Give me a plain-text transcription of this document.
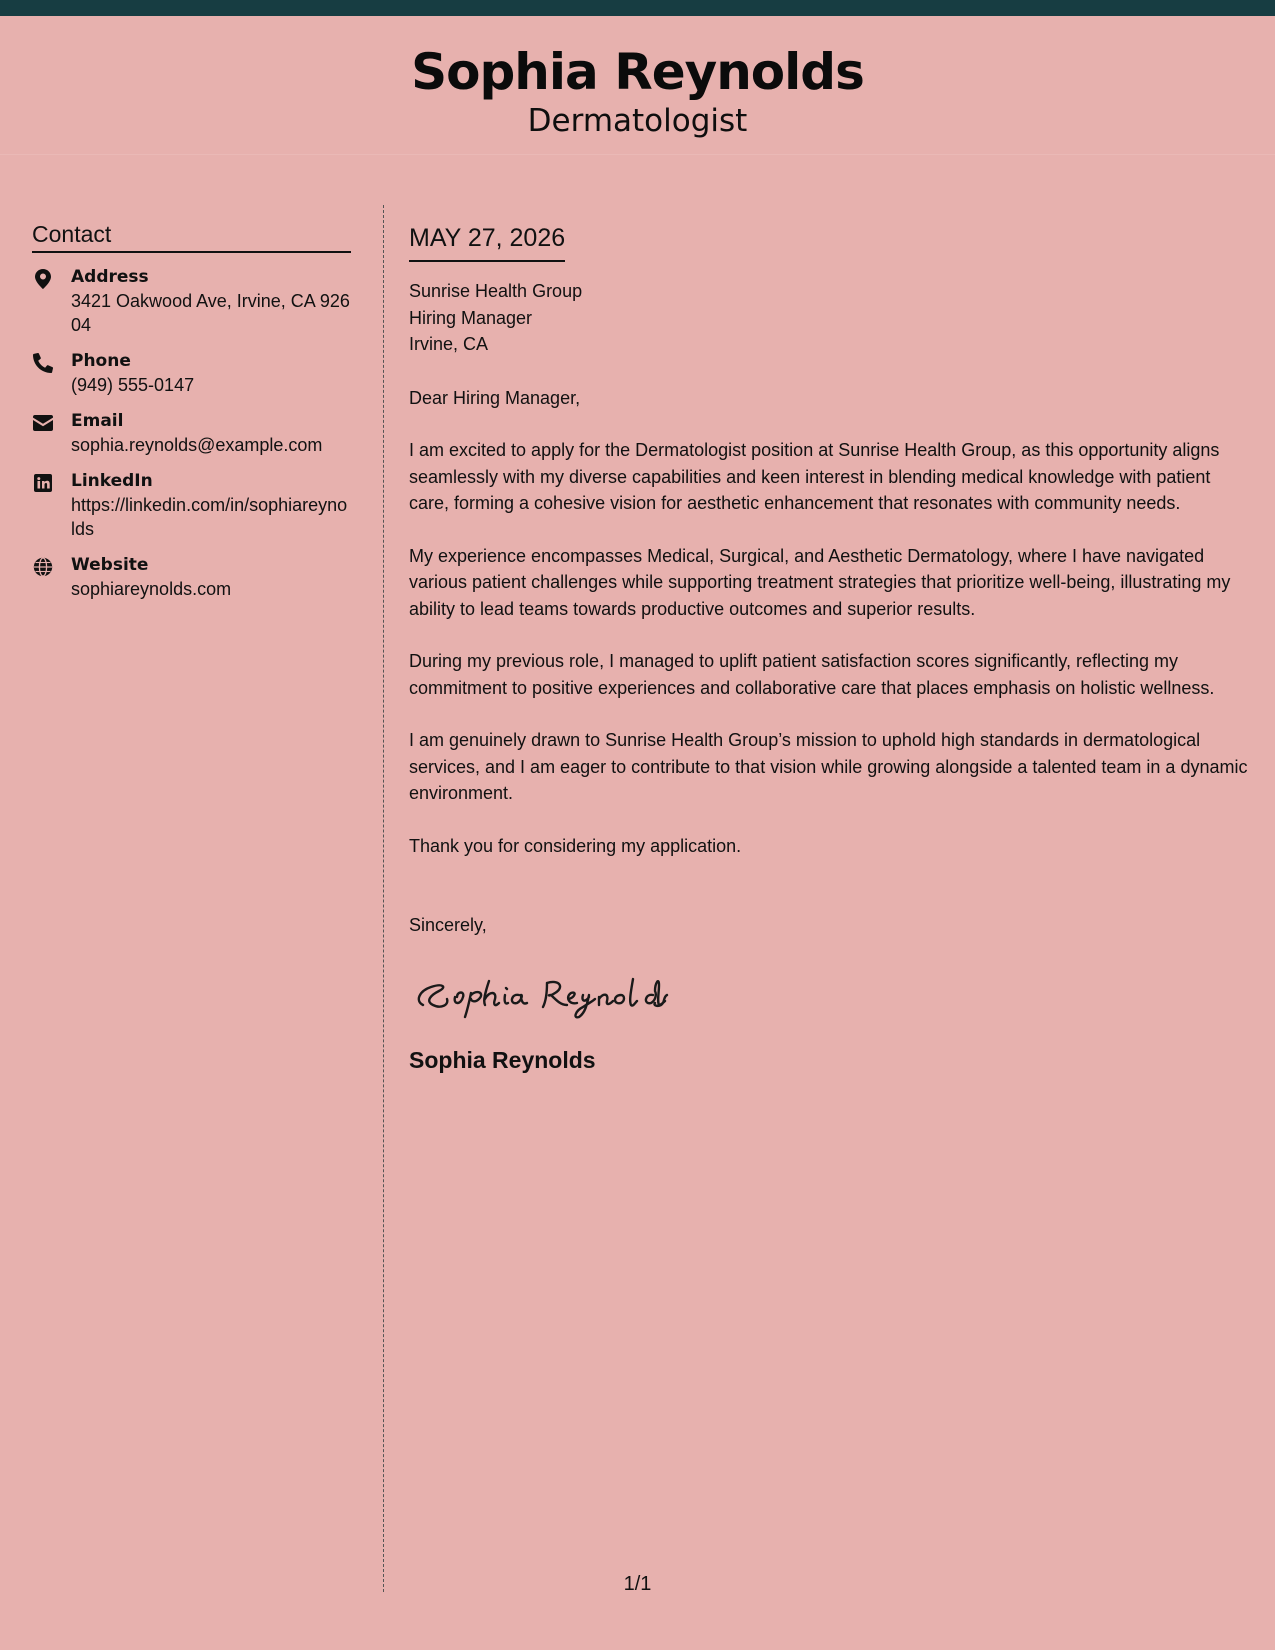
Sophia Reynolds
Dermatologist
Contact
Address
3421 Oakwood Ave, Irvine, CA 92604
Phone
(949) 555-0147
Email
sophia.reynolds@example.com
LinkedIn
https://linkedin.com/in/sophiareynolds
Website
sophiareynolds.com
MAY 27, 2026
Sunrise Health Group
Hiring Manager
Irvine, CA
Dear Hiring Manager,

I am excited to apply for the Dermatologist position at Sunrise Health Group, as this opportunity aligns seamlessly with my diverse capabilities and keen interest in blending medical knowledge with patient care, forming a cohesive vision for aesthetic enhancement that resonates with community needs.

My experience encompasses Medical, Surgical, and Aesthetic Dermatology, where I have navigated various patient challenges while supporting treatment strategies that prioritize well-being, illustrating my ability to lead teams towards productive outcomes and superior results.

During my previous role, I managed to uplift patient satisfaction scores significantly, reflecting my commitment to positive experiences and collaborative care that places emphasis on holistic wellness.

I am genuinely drawn to Sunrise Health Group’s mission to uphold high standards in dermatological services, and I am eager to contribute to that vision while growing alongside a talented team in a dynamic environment.

Thank you for considering my application.

Sincerely,
Sophia Reynolds
1/1
